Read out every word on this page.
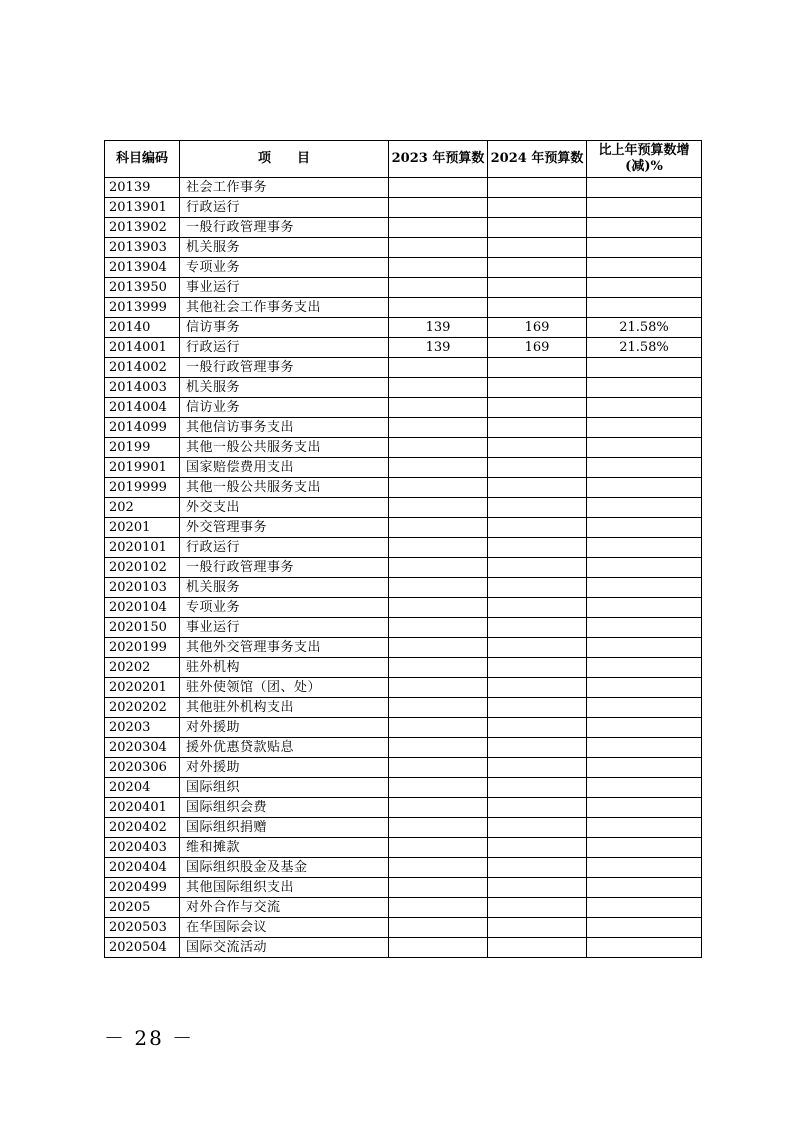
科目编码	项　　目	2023 年预算数	2024 年预算数	比上年预算数增(减)%
20139	社会工作事务			
2013901	行政运行			
2013902	一般行政管理事务			
2013903	机关服务			
2013904	专项业务			
2013950	事业运行			
2013999	其他社会工作事务支出			
20140	信访事务	139	169	21.58%
2014001	行政运行	139	169	21.58%
2014002	一般行政管理事务			
2014003	机关服务			
2014004	信访业务			
2014099	其他信访事务支出			
20199	其他一般公共服务支出			
2019901	国家赔偿费用支出			
2019999	其他一般公共服务支出			
202	外交支出			
20201	外交管理事务			
2020101	行政运行			
2020102	一般行政管理事务			
2020103	机关服务			
2020104	专项业务			
2020150	事业运行			
2020199	其他外交管理事务支出			
20202	驻外机构			
2020201	驻外使领馆（团、处）			
2020202	其他驻外机构支出			
20203	对外援助			
2020304	援外优惠贷款贴息			
2020306	对外援助			
20204	国际组织			
2020401	国际组织会费			
2020402	国际组织捐赠			
2020403	维和摊款			
2020404	国际组织股金及基金			
2020499	其他国际组织支出			
20205	对外合作与交流			
2020503	在华国际会议			
2020504	国际交流活动			
－ 28 －
